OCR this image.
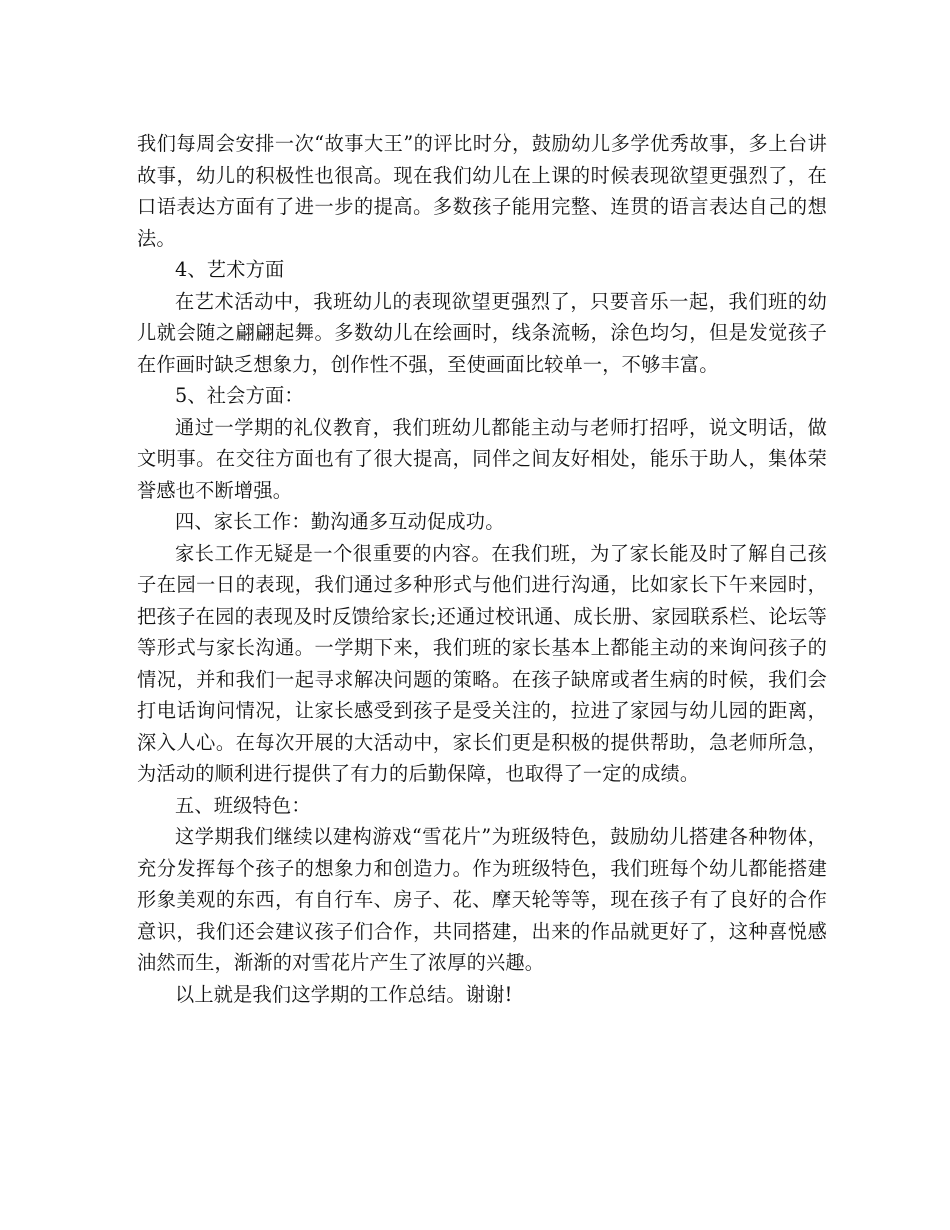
我们每周会安排一次“故事大王”的评比时分，鼓励幼儿多学优秀故事，多上台讲故事，幼儿的积极性也很高。现在我们幼儿在上课的时候表现欲望更强烈了，在口语表达方面有了进一步的提高。多数孩子能用完整、连贯的语言表达自己的想法。

4、艺术方面

在艺术活动中，我班幼儿的表现欲望更强烈了，只要音乐一起，我们班的幼儿就会随之翩翩起舞。多数幼儿在绘画时，线条流畅，涂色均匀，但是发觉孩子在作画时缺乏想象力，创作性不强，至使画面比较单一，不够丰富。

5、社会方面：

通过一学期的礼仪教育，我们班幼儿都能主动与老师打招呼，说文明话，做文明事。在交往方面也有了很大提高，同伴之间友好相处，能乐于助人，集体荣誉感也不断增强。

四、家长工作：勤沟通多互动促成功。

家长工作无疑是一个很重要的内容。在我们班，为了家长能及时了解自己孩子在园一日的表现，我们通过多种形式与他们进行沟通，比如家长下午来园时，把孩子在园的表现及时反馈给家长;还通过校讯通、成长册、家园联系栏、论坛等等形式与家长沟通。一学期下来，我们班的家长基本上都能主动的来询问孩子的情况，并和我们一起寻求解决问题的策略。在孩子缺席或者生病的时候，我们会打电话询问情况，让家长感受到孩子是受关注的，拉进了家园与幼儿园的距离，深入人心。在每次开展的大活动中，家长们更是积极的提供帮助，急老师所急，为活动的顺利进行提供了有力的后勤保障，也取得了一定的成绩。

五、班级特色：

这学期我们继续以建构游戏“雪花片”为班级特色，鼓励幼儿搭建各种物体，充分发挥每个孩子的想象力和创造力。作为班级特色，我们班每个幼儿都能搭建形象美观的东西，有自行车、房子、花、摩天轮等等，现在孩子有了良好的合作意识，我们还会建议孩子们合作，共同搭建，出来的作品就更好了，这种喜悦感油然而生，渐渐的对雪花片产生了浓厚的兴趣。

以上就是我们这学期的工作总结。谢谢!
